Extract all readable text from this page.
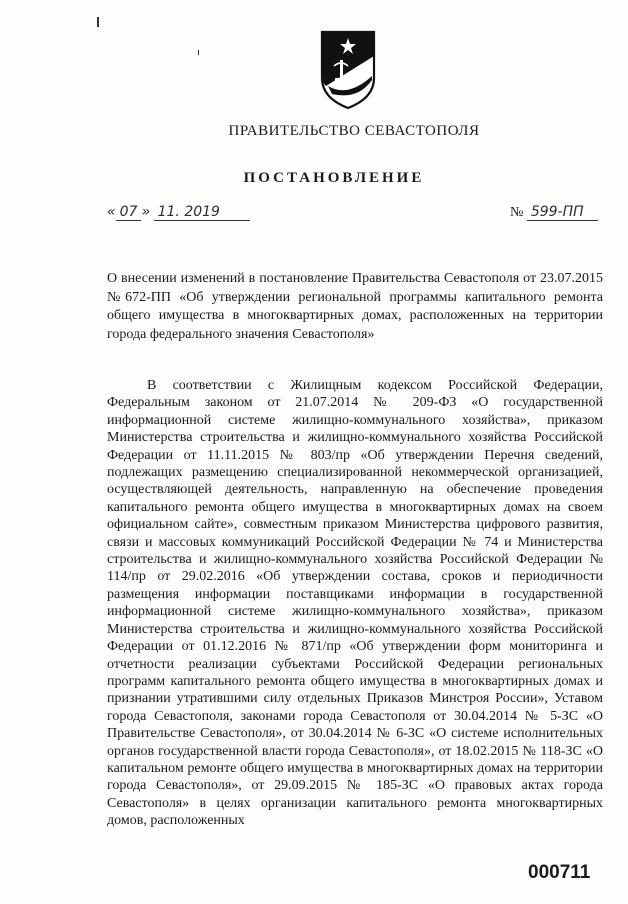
ПРАВИТЕЛЬСТВО СЕВАСТОПОЛЯ
ПОСТАНОВЛЕНИЕ
« 07 » 11. 2019	№ 599-ПП
О внесении изменений в постановление Правительства Севастополя от 23.07.2015 №672-ПП «Об утверждении региональной программы капитального ремонта общего имущества в многоквартирных домах, расположенных на территории города федерального значения Севастополя»
В соответствии с Жилищным кодексом Российской Федерации, Федеральным законом от 21.07.2014 № 209-ФЗ «О государственной информационной системе жилищно-коммунального хозяйства», приказом Министерства строительства и жилищно-коммунального хозяйства Российской Федерации от 11.11.2015 № 803/пр «Об утверждении Перечня сведений, подлежащих размещению специализированной некоммерческой организацией, осуществляющей деятельность, направленную на обеспечение проведения капитального ремонта общего имущества в многоквартирных домах на своем официальном сайте», совместным приказом Министерства цифрового развития, связи и массовых коммуникаций Российской Федерации № 74 и Министерства строительства и жилищно-коммунального хозяйства Российской Федерации № 114/пр от 29.02.2016 «Об утверждении состава, сроков и периодичности размещения информации поставщиками информации в государственной информационной системе жилищно-коммунального хозяйства», приказом Министерства строительства и жилищно-коммунального хозяйства Российской Федерации от 01.12.2016 № 871/пр «Об утверждении форм мониторинга и отчетности реализации субъектами Российской Федерации региональных программ капитального ремонта общего имущества в многоквартирных домах и признании утратившими силу отдельных Приказов Минстроя России», Уставом города Севастополя, законами города Севастополя от 30.04.2014 № 5-ЗС «О Правительстве Севастополя», от 30.04.2014 № 6-ЗС «О системе исполнительных органов государственной власти города Севастополя», от 18.02.2015 № 118-ЗС «О капитальном ремонте общего имущества в многоквартирных домах на территории города Севастополя», от 29.09.2015 № 185-ЗС «О правовых актах города Севастополя» в целях организации капитального ремонта многоквартирных домов, расположенных
000711
